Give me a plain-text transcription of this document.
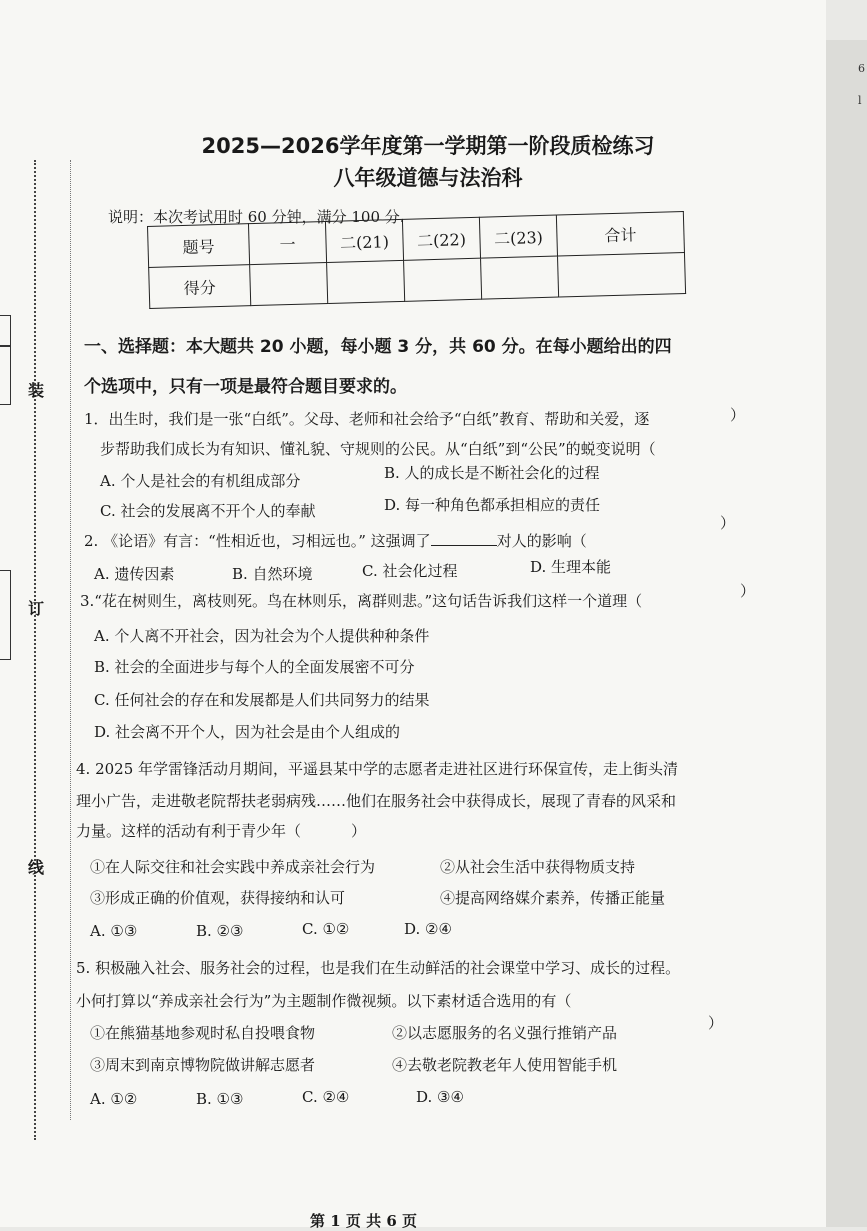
6
l
装
订
线
2025—2026学年度第一学期第一阶段质检练习
八年级道德与法治科
说明：本次考试用时 60 分钟，满分 100 分.
题号	一	二(21)	二(22)	二(23)	合计
得分					
一、选择题：本大题共 20 小题，每小题 3 分，共 60 分。在每小题给出的四
个选项中，只有一项是最符合题目要求的。
1．出生时，我们是一张“白纸”。父母、老师和社会给予“白纸”教育、帮助和关爱，逐	）
步帮助我们成长为有知识、懂礼貌、守规则的公民。从“白纸”到“公民”的蜕变说明（
A. 个人是社会的有机组成部分	B. 人的成长是不断社会化的过程
C. 社会的发展离不开个人的奉献	D. 每一种角色都承担相应的责任
2. 《论语》有言：“性相近也，习相远也。” 这强调了	对人的影响（
）
A. 遗传因素	B. 自然环境	C. 社会化过程	D. 生理本能
3.“花在树则生，离枝则死。鸟在林则乐，离群则悲。”这句话告诉我们这样一个道理（
）
A. 个人离不开社会，因为社会为个人提供种种条件
B. 社会的全面进步与每个人的全面发展密不可分
C. 任何社会的存在和发展都是人们共同努力的结果
D. 社会离不开个人，因为社会是由个人组成的
4. 2025 年学雷锋活动月期间，平遥县某中学的志愿者走进社区进行环保宣传，走上街头清
理小广告，走进敬老院帮扶老弱病残……他们在服务社会中获得成长，展现了青春的风采和
力量。这样的活动有利于青少年（	）
①在人际交往和社会实践中养成亲社会行为	②从社会生活中获得物质支持
③形成正确的价值观，获得接纳和认可	④提高网络媒介素养，传播正能量
A. ①③	B. ②③	C. ①②	D. ②④
5. 积极融入社会、服务社会的过程，也是我们在生动鲜活的社会课堂中学习、成长的过程。
小何打算以“养成亲社会行为”为主题制作微视频。以下素材适合选用的有（
）
①在熊猫基地参观时私自投喂食物	②以志愿服务的名义强行推销产品
③周末到南京博物院做讲解志愿者	④去敬老院教老年人使用智能手机
A. ①②	B. ①③	C. ②④	D. ③④
第 1 页 共 6 页
